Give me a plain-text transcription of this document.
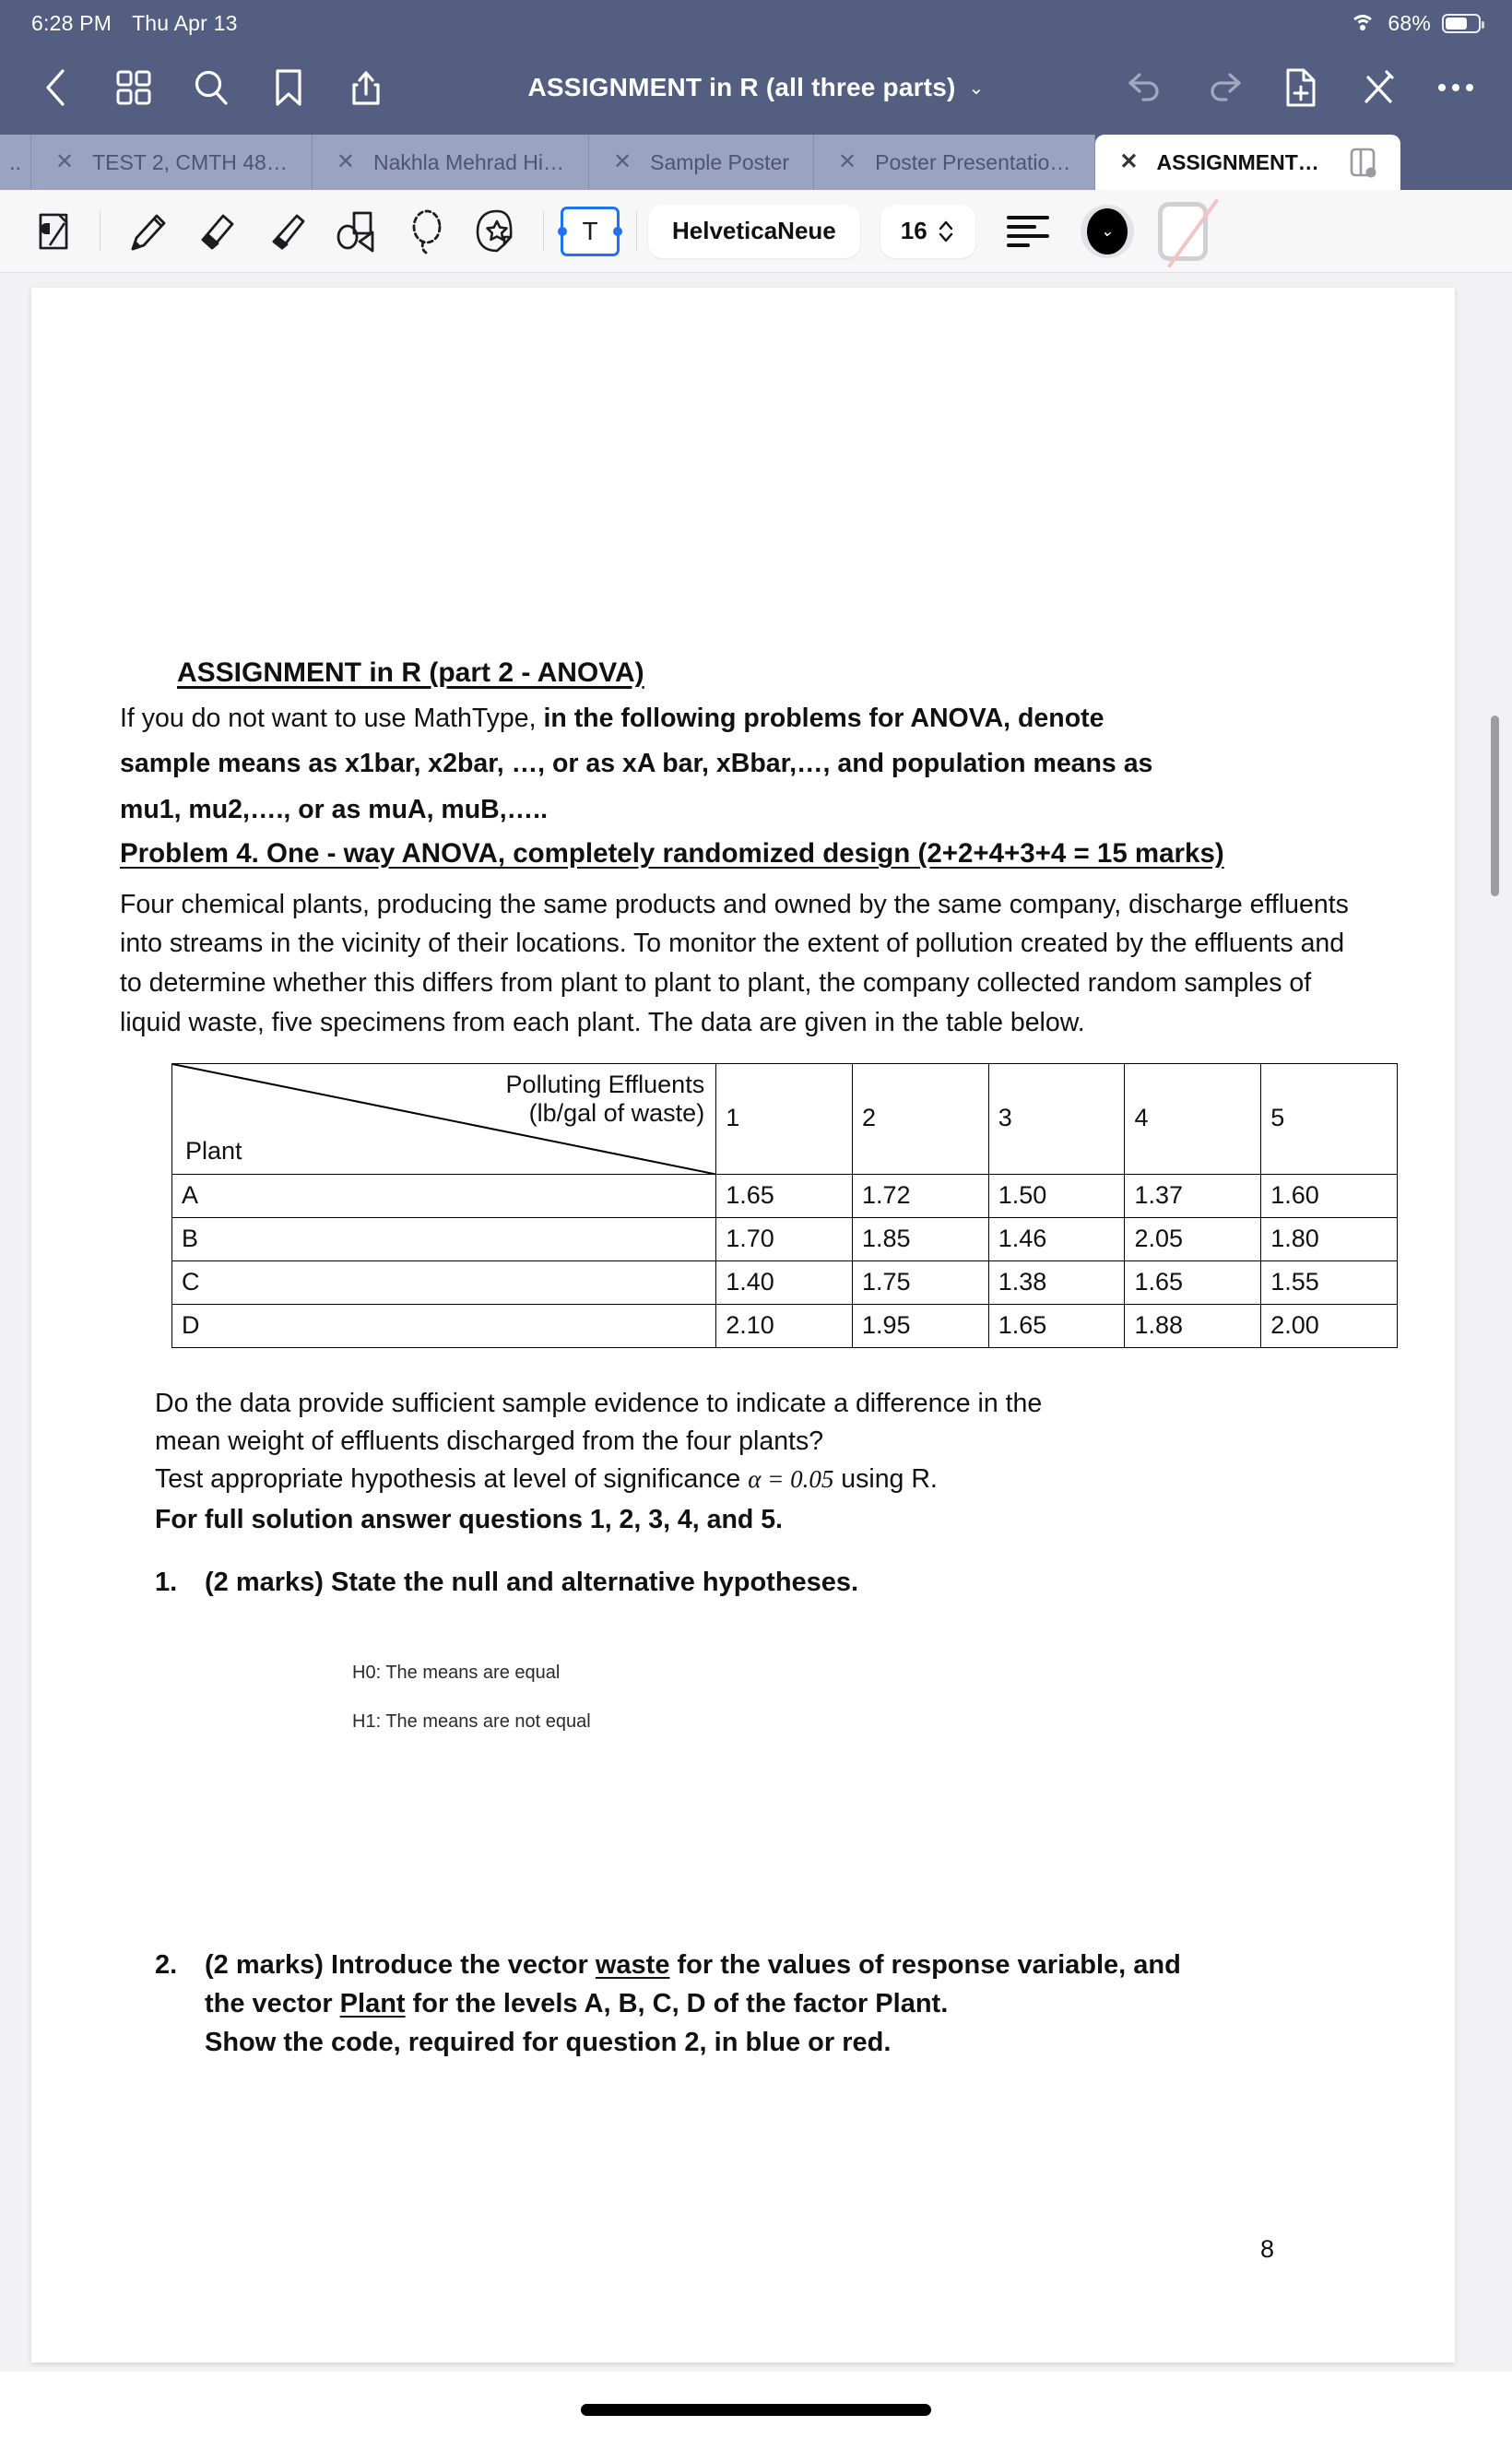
6:28 PM Thu Apr 13	68%
ASSIGNMENT in R (all three parts) ⌄
.. ✕ TEST 2, CMTH 48… ✕ Nakhla Mehrad Hi… ✕ Sample Poster ✕ Poster Presentatio… ✕ ASSIGNMENT…
T	HelveticaNeue	16	⌄
ASSIGNMENT in R (part 2 - ANOVA)

If you do not want to use MathType, in the following problems for ANOVA, denote

sample means as x1bar, x2bar, …, or as xA bar, xBbar,…, and population means as

mu1, mu2,…., or as muA, muB,…..

Problem 4. One - way ANOVA, completely randomized design (2+2+4+3+4 = 15 marks)

Four chemical plants, producing the same products and owned by the same company, discharge effluents into streams in the vicinity of their locations. To monitor the extent of pollution created by the effluents and to determine whether this differs from plant to plant to plant, the company collected random samples of liquid waste, five specimens from each plant. The data are given in the table below.

Polluting Effluents
(lb/gal of waste)
Plant	1	2	3	4	5
A	1.65	1.72	1.50	1.37	1.60
B	1.70	1.85	1.46	2.05	1.80
C	1.40	1.75	1.38	1.65	1.55
D	2.10	1.95	1.65	1.88	2.00
Do the data provide sufficient sample evidence to indicate a difference in the
mean weight of effluents discharged from the four plants?
Test appropriate hypothesis at level of significance α = 0.05 using R.
For full solution answer questions 1, 2, 3, 4, and 5.
1.	(2 marks) State the null and alternative hypotheses.
H0: The means are equal
H1: The means are not equal
2.	(2 marks) Introduce the vector waste for the values of response variable, and
the vector Plant for the levels A, B, C, D of the factor Plant.
Show the code, required for question 2, in blue or red.
8
